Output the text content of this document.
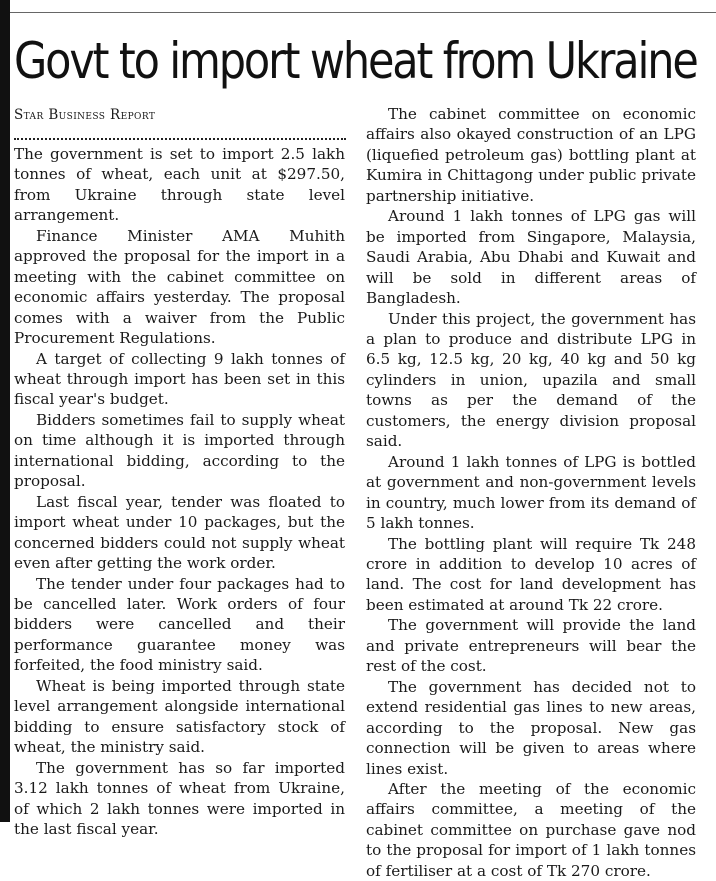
Govt to import wheat from Ukraine
Star Business Report

The government is set to import 2.5 lakh tonnes of wheat, each unit at $297.50, from Ukraine through state level arrangement.

Finance Minister AMA Muhith approved the proposal for the import in a meeting with the cabinet committee on economic affairs yesterday. The proposal comes with a waiver from the Public Procurement Regulations.

A target of collecting 9 lakh tonnes of wheat through import has been set in this fiscal year's budget.

Bidders sometimes fail to supply wheat on time although it is imported through international bidding, according to the proposal.

Last fiscal year, tender was floated to import wheat under 10 packages, but the concerned bidders could not supply wheat even after getting the work order.

The tender under four packages had to be cancelled later. Work orders of four bidders were cancelled and their performance guarantee money was forfeited, the food ministry said.

Wheat is being imported through state level arrangement alongside international bidding to ensure satisfactory stock of wheat, the ministry said.

The government has so far imported 3.12 lakh tonnes of wheat from Ukraine, of which 2 lakh tonnes were imported in the last fiscal year.

The cabinet committee on economic affairs also okayed construction of an LPG (liquefied petroleum gas) bottling plant at Kumira in Chittagong under public private partnership initiative.

Around 1 lakh tonnes of LPG gas will be imported from Singapore, Malaysia, Saudi Arabia, Abu Dhabi and Kuwait and will be sold in different areas of Bangladesh.

Under this project, the government has a plan to produce and distribute LPG in 6.5 kg, 12.5 kg, 20 kg, 40 kg and 50 kg cylinders in union, upazila and small towns as per the demand of the customers, the energy division proposal said.

Around 1 lakh tonnes of LPG is bottled at government and non-government levels in country, much lower from its demand of 5 lakh tonnes.

The bottling plant will require Tk 248 crore in addition to develop 10 acres of land. The cost for land development has been estimated at around Tk 22 crore.

The government will provide the land and private entrepreneurs will bear the rest of the cost.

The government has decided not to extend residential gas lines to new areas, according to the proposal. New gas connection will be given to areas where lines exist.

After the meeting of the economic affairs committee, a meeting of the cabinet committee on purchase gave nod to the proposal for import of 1 lakh tonnes of fertiliser at a cost of Tk 270 crore.
